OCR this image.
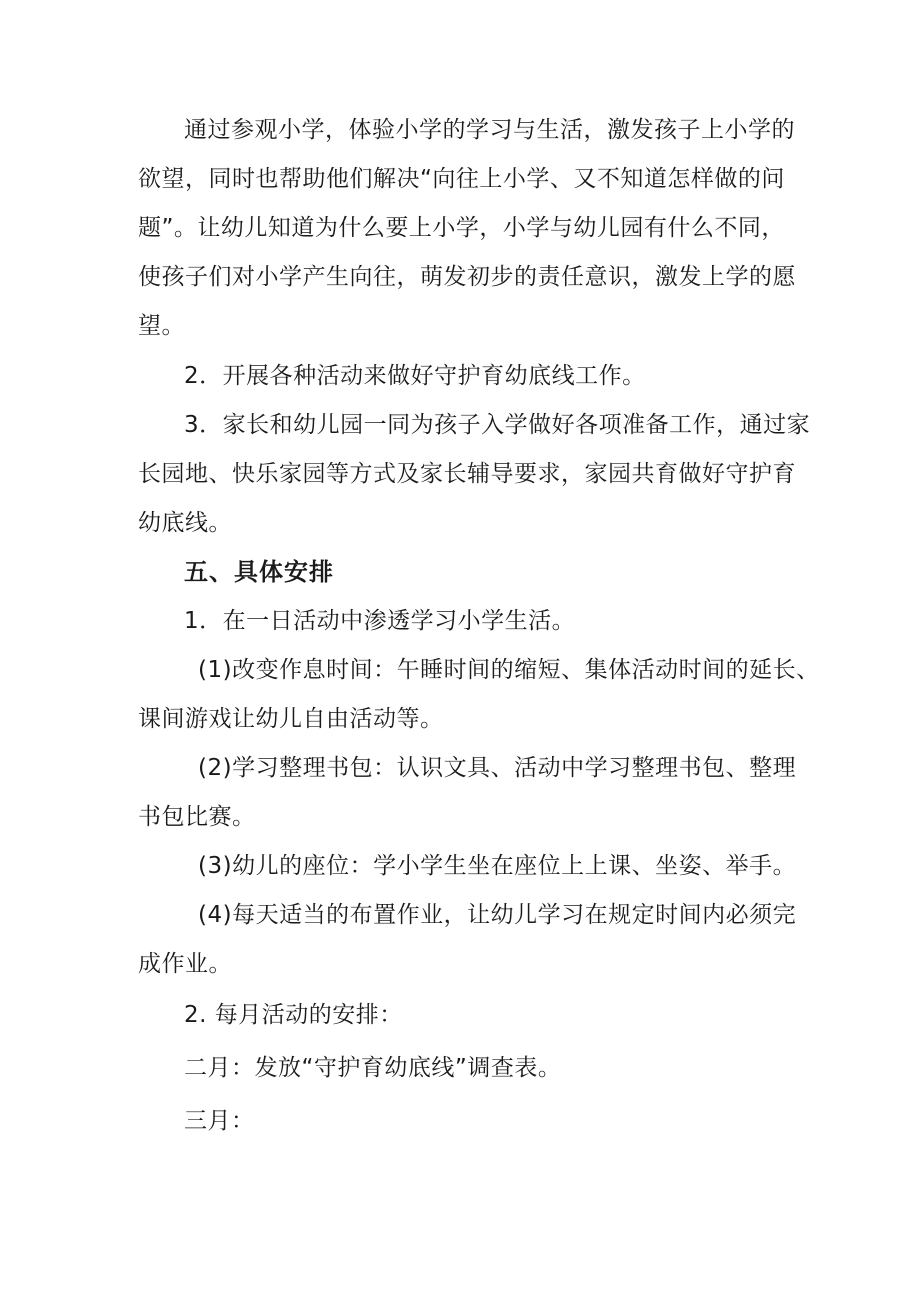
通过参观小学，体验小学的学习与生活，激发孩子上小学的
欲望，同时也帮助他们解决“向往上小学、又不知道怎样做的问
题”。让幼儿知道为什么要上小学，小学与幼儿园有什么不同，
使孩子们对小学产生向往，萌发初步的责任意识，激发上学的愿
望。
2．开展各种活动来做好守护育幼底线工作。
3．家长和幼儿园一同为孩子入学做好各项准备工作，通过家
长园地、快乐家园等方式及家长辅导要求，家园共育做好守护育
幼底线。
五、具体安排
1．在一日活动中渗透学习小学生活。
(1)改变作息时间：午睡时间的缩短、集体活动时间的延长、
课间游戏让幼儿自由活动等。
(2)学习整理书包：认识文具、活动中学习整理书包、整理
书包比赛。
(3)幼儿的座位：学小学生坐在座位上上课、坐姿、举手。
(4)每天适当的布置作业，让幼儿学习在规定时间内必须完
成作业。
2. 每月活动的安排：
二月：发放“守护育幼底线”调查表。
三月：
